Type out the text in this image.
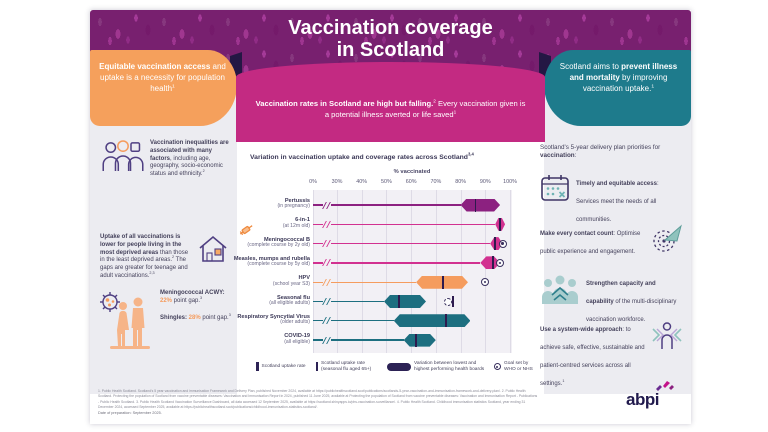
Vaccination coverage
in Scotland
Equitable vaccination access and uptake is a necessity for population health$^1$
Vaccination rates in Scotland are high but falling.$^2$ Every vaccination given is a potential illness averted or life saved$^1$
Scotland aims to prevent illness and mortality by improving vaccination uptake.$^1$
Vaccination inequalities are associated with many factors, including age, geography, socio-economic status and ethnicity.$^2$
Uptake of all vaccinations is lower for people living in the most deprived areas than those in the least deprived areas.$^2$ The gaps are greater for teenage and adult vaccinations.$^{2,3}$
Meningococcal ACWY: 22% point gap.$^3$
Shingles: 28% point gap.$^3$
Variation in vaccination uptake and coverage rates across Scotland$^{3,4}$
% vaccinated
0%	30%	40%	50%	60%	70%	80%	90% 100%
Pertussis
(in pregnancy)
6-in-1
(at 12m old)
Meningococcal B
(complete course by 2y old)
Measles, mumps and rubella
(complete course by 5y old)
HPV
(school year S3)
Seasonal flu
(all eligible adults)
Respiratory Syncytial Virus
(older adults)
COVID-19
(all eligible)
Scotland uptake rate
Scotland uptake rate (seasonal flu aged 65+)
Variation between lowest and highest performing health boards
Goal set by WHO or NHS
Scotland's 5-year delivery plan priorities for vaccination:
Timely and equitable access: Services meet the needs of all communities.
Make every contact count: Optimise public experience and engagement.
Strengthen capacity and capability of the multi-disciplinary vaccination workforce.
Use a system-wide approach: to achieve safe, effective, sustainable and patient-centred services across all settings.$^1$
1. Public Health Scotland. Scotland's 5 year vaccination and immunisation Framework and Delivery Plan, published November 2024, available at https://publichealthscotland.scot/publications/scotlands-5-year-vaccination-and-immunisation-framework-and-delivery-plan/. 2. Public Health Scotland. Protecting the population of Scotland from vaccine preventable diseases: Vaccination and Immunisation Report in 2024, published 11 June 2025, available at Protecting the population of Scotland from vaccine preventable diseases: Vaccination and Immunisation Report - Publications - Public Health Scotland. 3. Public Health Scotland Vaccination Surveillance Dashboard, all data accessed 12 September 2025, available at https://scotland.shinyapps.io/phs-vaccination-surveillance/. 4. Public Health Scotland. Childhood immunisation statistics Scotland, year ending 31 December 2024, accessed September 2025, available at https://publichealthscotland.scot/publications/childhood-immunisation-statistics-scotland/.
Date of preparation: September 2025.
abpi
